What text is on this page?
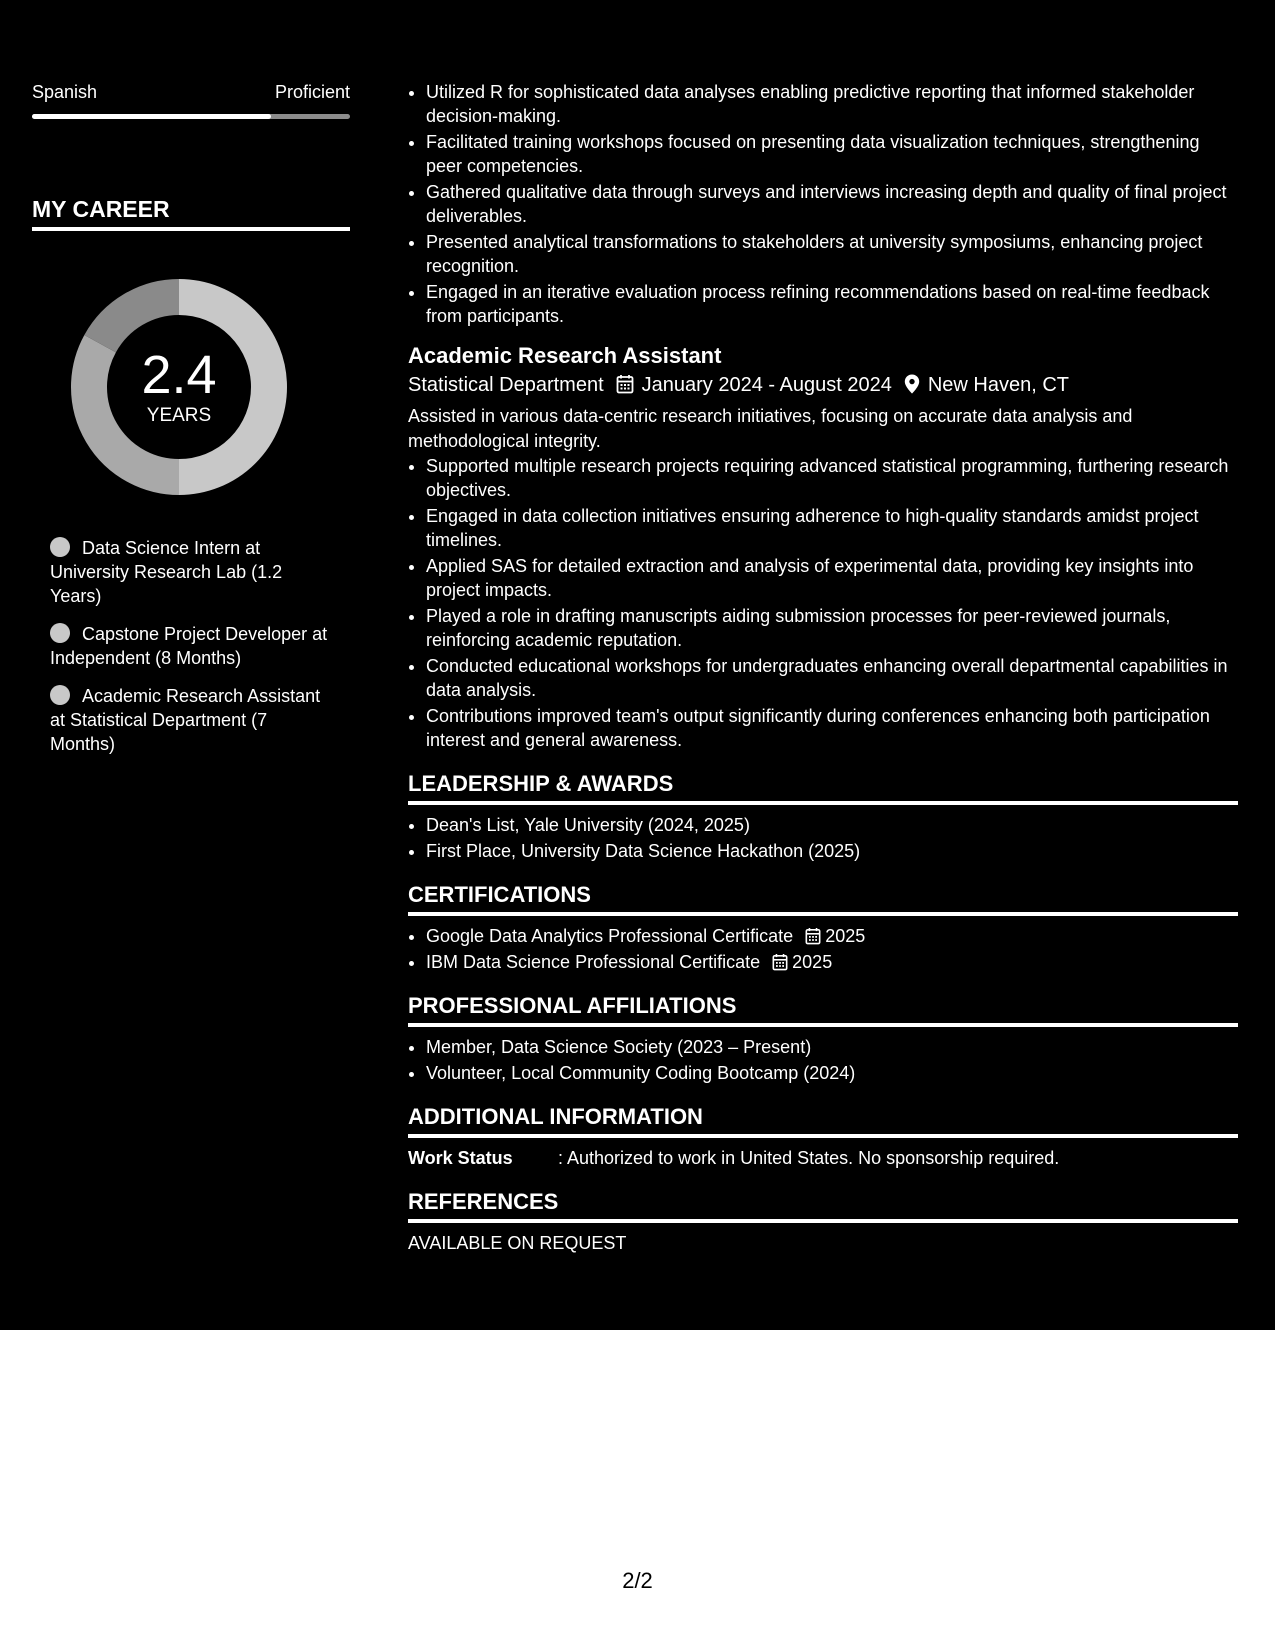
Spanish	Proficient
MY CAREER
2.4
YEARS
Data Science Intern at University Research Lab (1.2 Years)
Capstone Project Developer at Independent (8 Months)
Academic Research Assistant at Statistical Department (7 Months)
• Utilized R for sophisticated data analyses enabling predictive reporting that informed stakeholder decision-making.
• Facilitated training workshops focused on presenting data visualization techniques, strengthening peer competencies.
• Gathered qualitative data through surveys and interviews increasing depth and quality of final project deliverables.
• Presented analytical transformations to stakeholders at university symposiums, enhancing project recognition.
• Engaged in an iterative evaluation process refining recommendations based on real-time feedback from participants.
Academic Research Assistant
Statistical Department	January 2024 - August 2024	New Haven, CT
Assisted in various data-centric research initiatives, focusing on accurate data analysis and methodological integrity.
• Supported multiple research projects requiring advanced statistical programming, furthering research objectives.
• Engaged in data collection initiatives ensuring adherence to high-quality standards amidst project timelines.
• Applied SAS for detailed extraction and analysis of experimental data, providing key insights into project impacts.
• Played a role in drafting manuscripts aiding submission processes for peer-reviewed journals, reinforcing academic reputation.
• Conducted educational workshops for undergraduates enhancing overall departmental capabilities in data analysis.
• Contributions improved team's output significantly during conferences enhancing both participation interest and general awareness.
LEADERSHIP & AWARDS
• Dean's List, Yale University (2024, 2025)
• First Place, University Data Science Hackathon (2025)
CERTIFICATIONS
• Google Data Analytics Professional Certificate 2025
• IBM Data Science Professional Certificate 2025
PROFESSIONAL AFFILIATIONS
• Member, Data Science Society (2023 – Present)
• Volunteer, Local Community Coding Bootcamp (2024)
ADDITIONAL INFORMATION
Work Status	: Authorized to work in United States. No sponsorship required.
REFERENCES
AVAILABLE ON REQUEST
2/2
